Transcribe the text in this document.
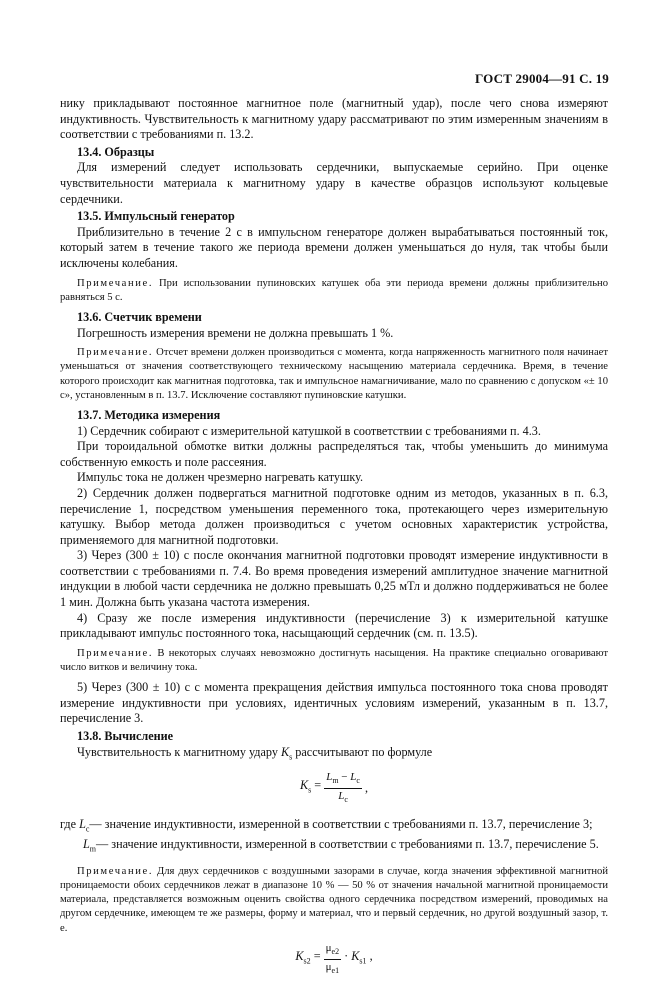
ГОСТ 29004—91 С. 19

нику прикладывают постоянное магнитное поле (магнитный удар), после чего снова измеряют индуктивность. Чувствительность к магнитному удару рассматривают по этим измеренным значениям в соответствии с требованиями п. 13.2.

13.4. Образцы

Для измерений следует использовать сердечники, выпускаемые серийно. При оценке чувствительности материала к магнитному удару в качестве образцов используют кольцевые сердечники.

13.5. Импульсный генератор

Приблизительно в течение 2 с в импульсном генераторе должен вырабатываться постоянный ток, который затем в течение такого же периода времени должен уменьшаться до нуля, так чтобы были исключены колебания.

Примечание. При использовании пупиновских катушек оба эти периода времени должны приблизительно равняться 5 с.

13.6. Счетчик времени

Погрешность измерения времени не должна превышать 1 %.

Примечание. Отсчет времени должен производиться с момента, когда напряженность магнитного поля начинает уменьшаться от значения соответствующего техническому насыщению материала сердечника. Время, в течение которого происходит как магнитная подготовка, так и импульсное намагничивание, мало по сравнению с допуском «± 10 с», установленным в п. 13.7. Исключение составляют пупиновские катушки.

13.7. Методика измерения

1) Сердечник собирают с измерительной катушкой в соответствии с требованиями п. 4.3.

При тороидальной обмотке витки должны распределяться так, чтобы уменьшить до минимума собственную емкость и поле рассеяния.

Импульс тока не должен чрезмерно нагревать катушку.

2) Сердечник должен подвергаться магнитной подготовке одним из методов, указанных в п. 6.3, перечисление 1, посредством уменьшения переменного тока, протекающего через измерительную катушку. Выбор метода должен производиться с учетом основных характеристик устройства, применяемого для магнитной подготовки.

3) Через (300 ± 10) с после окончания магнитной подготовки проводят измерение индуктивности в соответствии с требованиями п. 7.4. Во время проведения измерений амплитудное значение магнитной индукции в любой части сердечника не должно превышать 0,25 мТл и должно поддерживаться не более 1 мин. Должна быть указана частота измерения.

4) Сразу же после измерения индуктивности (перечисление 3) к измерительной катушке прикладывают импульс постоянного тока, насыщающий сердечник (см. п. 13.5).

Примечание. В некоторых случаях невозможно достигнуть насыщения. На практике специально оговаривают число витков и величину тока.

5) Через (300 ± 10) с с момента прекращения действия импульса постоянного тока снова проводят измерение индуктивности при условиях, идентичных условиям измерений, указанным в п. 13.7, перечисление 3.

13.8. Вычисление

Чувствительность к магнитному удару $K_s$ рассчитывают по формуле

$K_s = \frac{L_m - L_c}{L_c}$ ,
где $L_c$ — значение индуктивности, измеренной в соответствии с требованиями п. 13.7, перечисление 3;
$L_m$ — значение индуктивности, измеренной в соответствии с требованиями п. 13.7, перечисление 5.

Примечание. Для двух сердечников с воздушными зазорами в случае, когда значения эффективной магнитной проницаемости обоих сердечников лежат в диапазоне 10 % — 50 % от значения начальной магнитной проницаемости материала, представляется возможным оценить свойства одного сердечника посредством измерений, проводимых на другом сердечнике, имеющем те же размеры, форму и материал, что и первый сердечник, но другой воздушный зазор, т. е.

$K_{s2} = \frac{\mu_{e2}}{\mu_{e1}} \cdot K_{s1}$ ,
